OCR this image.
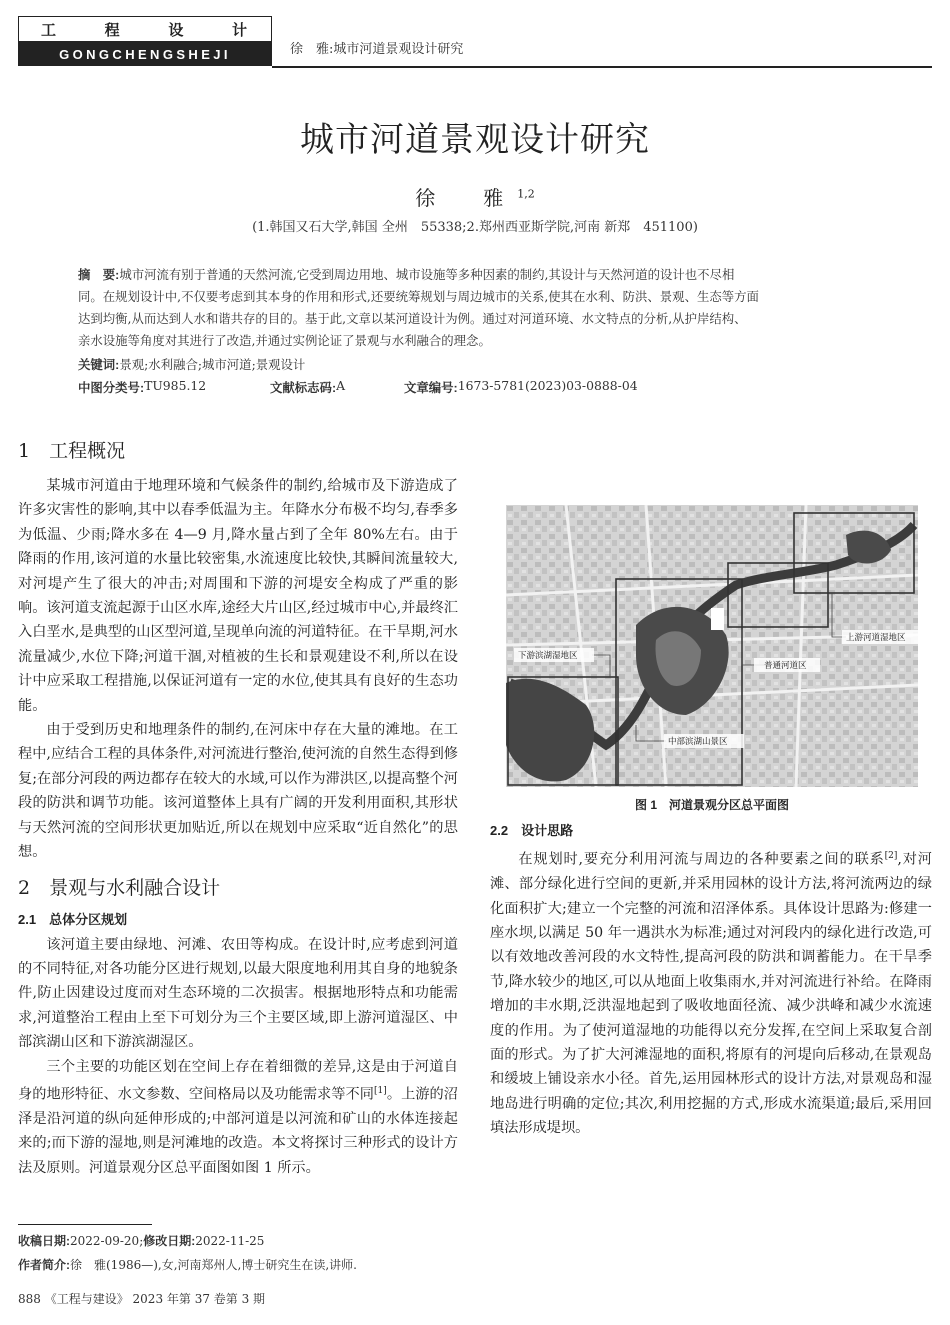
工	程	设	计
GONGCHENGSHEJI	徐　雅:城市河道景观设计研究
城市河道景观设计研究
徐　雅$^{1,2}$
(1.韩国又石大学,韩国 全州　55338;2.郑州西亚斯学院,河南 新郑　451100)
摘　要:城市河流有别于普通的天然河流,它受到周边用地、城市设施等多种因素的制约,其设计与天然河道的设计也不尽相
同。在规划设计中,不仅要考虑到其本身的作用和形式,还要统筹规划与周边城市的关系,使其在水利、防洪、景观、生态等方面
达到均衡,从而达到人水和谐共存的目的。基于此,文章以某河道设计为例。通过对河道环境、水文特点的分析,从护岸结构、
亲水设施等角度对其进行了改造,并通过实例论证了景观与水利融合的理念。
关键词:景观;水利融合;城市河道;景观设计
中图分类号: TU985.12	文献标志码: A	文章编号: 1673-5781(2023)03-0888-04
1　 工程概况

某城市河道由于地理环境和气候条件的制约,给城市及下游造成了许多灾害性的影响,其中以春季低温为主。年降水分布极不均匀,春季多为低温、少雨;降水多在 4—9 月,降水量占到了全年 80%左右。由于降雨的作用,该河道的水量比较密集,水流速度比较快,其瞬间流量较大,对河堤产生了很大的冲击;对周围和下游的河堤安全构成了严重的影响。该河道支流起源于山区水库,途经大片山区,经过城市中心,并最终汇入白垩水,是典型的山区型河道,呈现单向流的河道特征。在干旱期,河水流量减少,水位下降;河道干涸,对植被的生长和景观建设不利,所以在设计中应采取工程措施,以保证河道有一定的水位,使其具有良好的生态功能。

由于受到历史和地理条件的制约,在河床中存在大量的滩地。在工程中,应结合工程的具体条件,对河流进行整治,使河流的自然生态得到修复;在部分河段的两边都存在较大的水域,可以作为滞洪区,以提高整个河段的防洪和调节功能。该河道整体上具有广阔的开发利用面积,其形状与天然河流的空间形状更加贴近,所以在规划中应采取“近自然化”的思想。

2　 景观与水利融合设计
2.1　 总体分区规划

该河道主要由绿地、河滩、农田等构成。在设计时,应考虑到河道的不同特征,对各功能分区进行规划,以最大限度地利用其自身的地貌条件,防止因建设过度而对生态环境的二次损害。根据地形特点和功能需求,河道整治工程由上至下可划分为三个主要区域,即上游河道湿区、中部滨湖山区和下游滨湖湿区。

三个主要的功能区划在空间上存在着细微的差异,这是由于河道自身的地形特征、水文参数、空间格局以及功能需求等不同[1]。上游的沼泽是沿河道的纵向延伸形成的;中部河道是以河流和矿山的水体连接起来的;而下游的湿地,则是河滩地的改造。本文将探讨三种形式的设计方法及原则。河道景观分区总平面图如图 1 所示。

下游滨湖湿地区
普通河道区
上游河道湿地区
中部滨湖山景区
图 1　河道景观分区总平面图

2.2　 设计思路

在规划时,要充分利用河流与周边的各种要素之间的联系[2],对河滩、部分绿化进行空间的更新,并采用园林的设计方法,将河流两边的绿化面积扩大;建立一个完整的河流和沼泽体系。具体设计思路为:修建一座水坝,以满足 50 年一遇洪水为标准;通过对河段内的绿化进行改造,可以有效地改善河段的水文特性,提高河段的防洪和调蓄能力。在干旱季节,降水较少的地区,可以从地面上收集雨水,并对河流进行补给。在降雨增加的丰水期,泛洪湿地起到了吸收地面径流、减少洪峰和减少水流速度的作用。为了使河道湿地的功能得以充分发挥,在空间上采取复合剖面的形式。为了扩大河滩湿地的面积,将原有的河堤向后移动,在景观岛和缓坡上铺设亲水小径。首先,运用园林形式的设计方法,对景观岛和湿地岛进行明确的定位;其次,利用挖掘的方式,形成水流渠道;最后,采用回填法形成堤坝。

收稿日期:2022-09-20;修改日期:2022-11-25
作者简介:徐　雅(1986—),女,河南郑州人,博士研究生在读,讲师.
888 《工程与建设》 2023 年第 37 卷第 3 期
